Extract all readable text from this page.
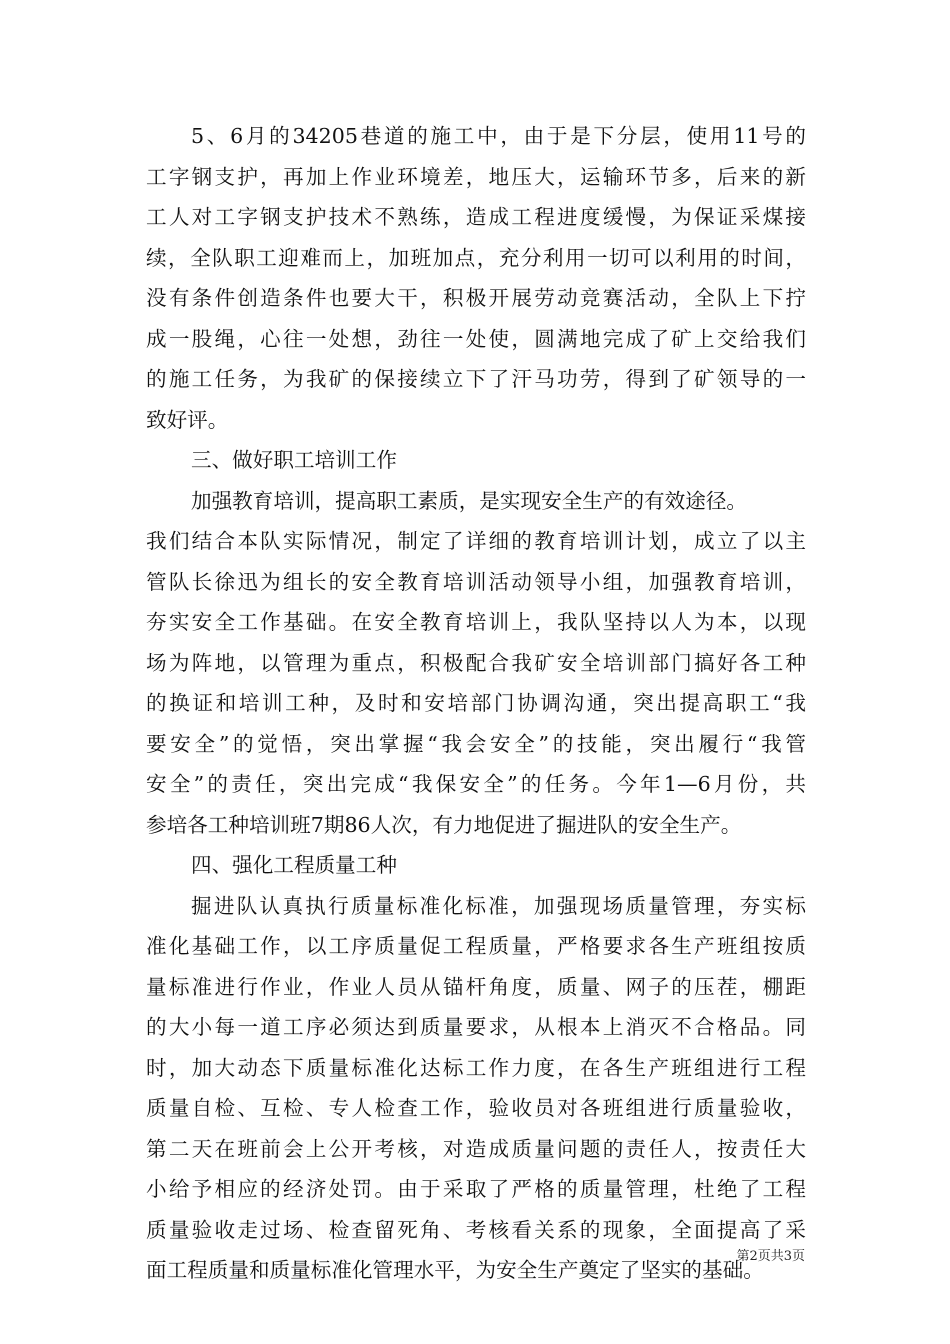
5、6月的34205巷道的施工中，由于是下分层，使用11号的
工字钢支护，再加上作业环境差，地压大，运输环节多，后来的新
工人对工字钢支护技术不熟练，造成工程进度缓慢，为保证采煤接
续，全队职工迎难而上，加班加点，充分利用一切可以利用的时间，
没有条件创造条件也要大干，积极开展劳动竞赛活动，全队上下拧
成一股绳，心往一处想，劲往一处使，圆满地完成了矿上交给我们
的施工任务，为我矿的保接续立下了汗马功劳，得到了矿领导的一
致好评。
三、做好职工培训工作
加强教育培训，提高职工素质，是实现安全生产的有效途径。
我们结合本队实际情况，制定了详细的教育培训计划，成立了以主
管队长徐迅为组长的安全教育培训活动领导小组，加强教育培训，
夯实安全工作基础。在安全教育培训上，我队坚持以人为本，以现
场为阵地，以管理为重点，积极配合我矿安全培训部门搞好各工种
的换证和培训工种，及时和安培部门协调沟通，突出提高职工“我
要安全”的觉悟，突出掌握“我会安全”的技能，突出履行“我管
安全”的责任，突出完成“我保安全”的任务。今年1—6月份，共
参培各工种培训班7期86人次，有力地促进了掘进队的安全生产。
四、强化工程质量工种
掘进队认真执行质量标准化标准，加强现场质量管理，夯实标
准化基础工作，以工序质量促工程质量，严格要求各生产班组按质
量标准进行作业，作业人员从锚杆角度，质量、网子的压茬，棚距
的大小每一道工序必须达到质量要求，从根本上消灭不合格品。同
时，加大动态下质量标准化达标工作力度，在各生产班组进行工程
质量自检、互检、专人检查工作，验收员对各班组进行质量验收，
第二天在班前会上公开考核，对造成质量问题的责任人，按责任大
小给予相应的经济处罚。由于采取了严格的质量管理，杜绝了工程
质量验收走过场、检查留死角、考核看关系的现象，全面提高了采
面工程质量和质量标准化管理水平，为安全生产奠定了坚实的基础。
第2页共3页
